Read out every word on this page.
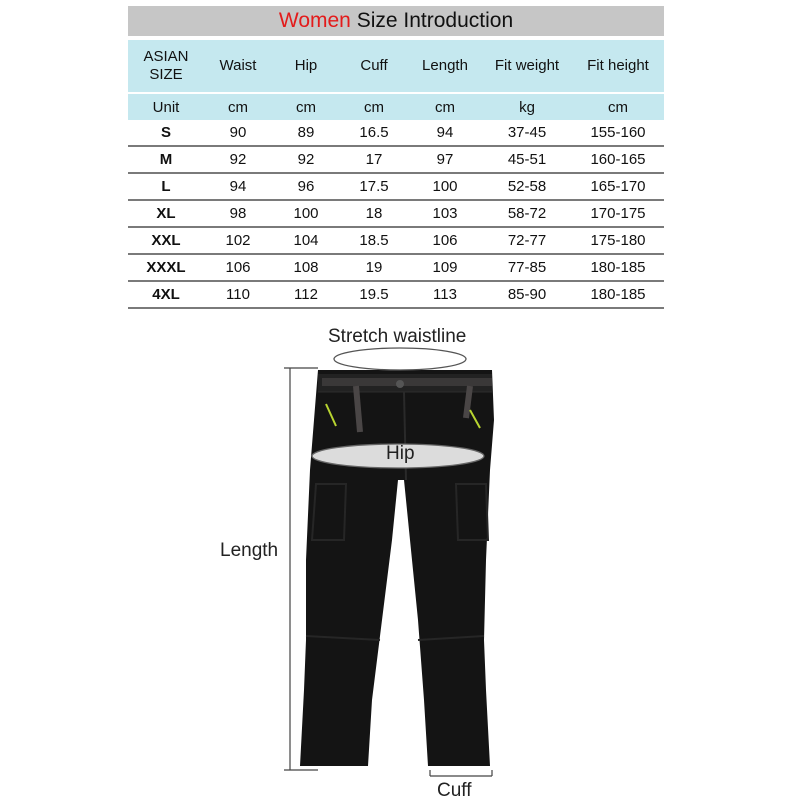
Women Size Introduction
ASIAN SIZE	Waist	Hip	Cuff	Length	Fit weight	Fit height
Unit	cm	cm	cm	cm	kg	cm
S	90	89	16.5	94	37-45	155-160
M	92	92	17	97	45-51	160-165
L	94	96	17.5	100	52-58	165-170
XL	98	100	18	103	58-72	170-175
XXL	102	104	18.5	106	72-77	175-180
XXXL	106	108	19	109	77-85	180-185
4XL	110	112	19.5	113	85-90	180-185
Stretch waistline
Hip
Length
Cuff
